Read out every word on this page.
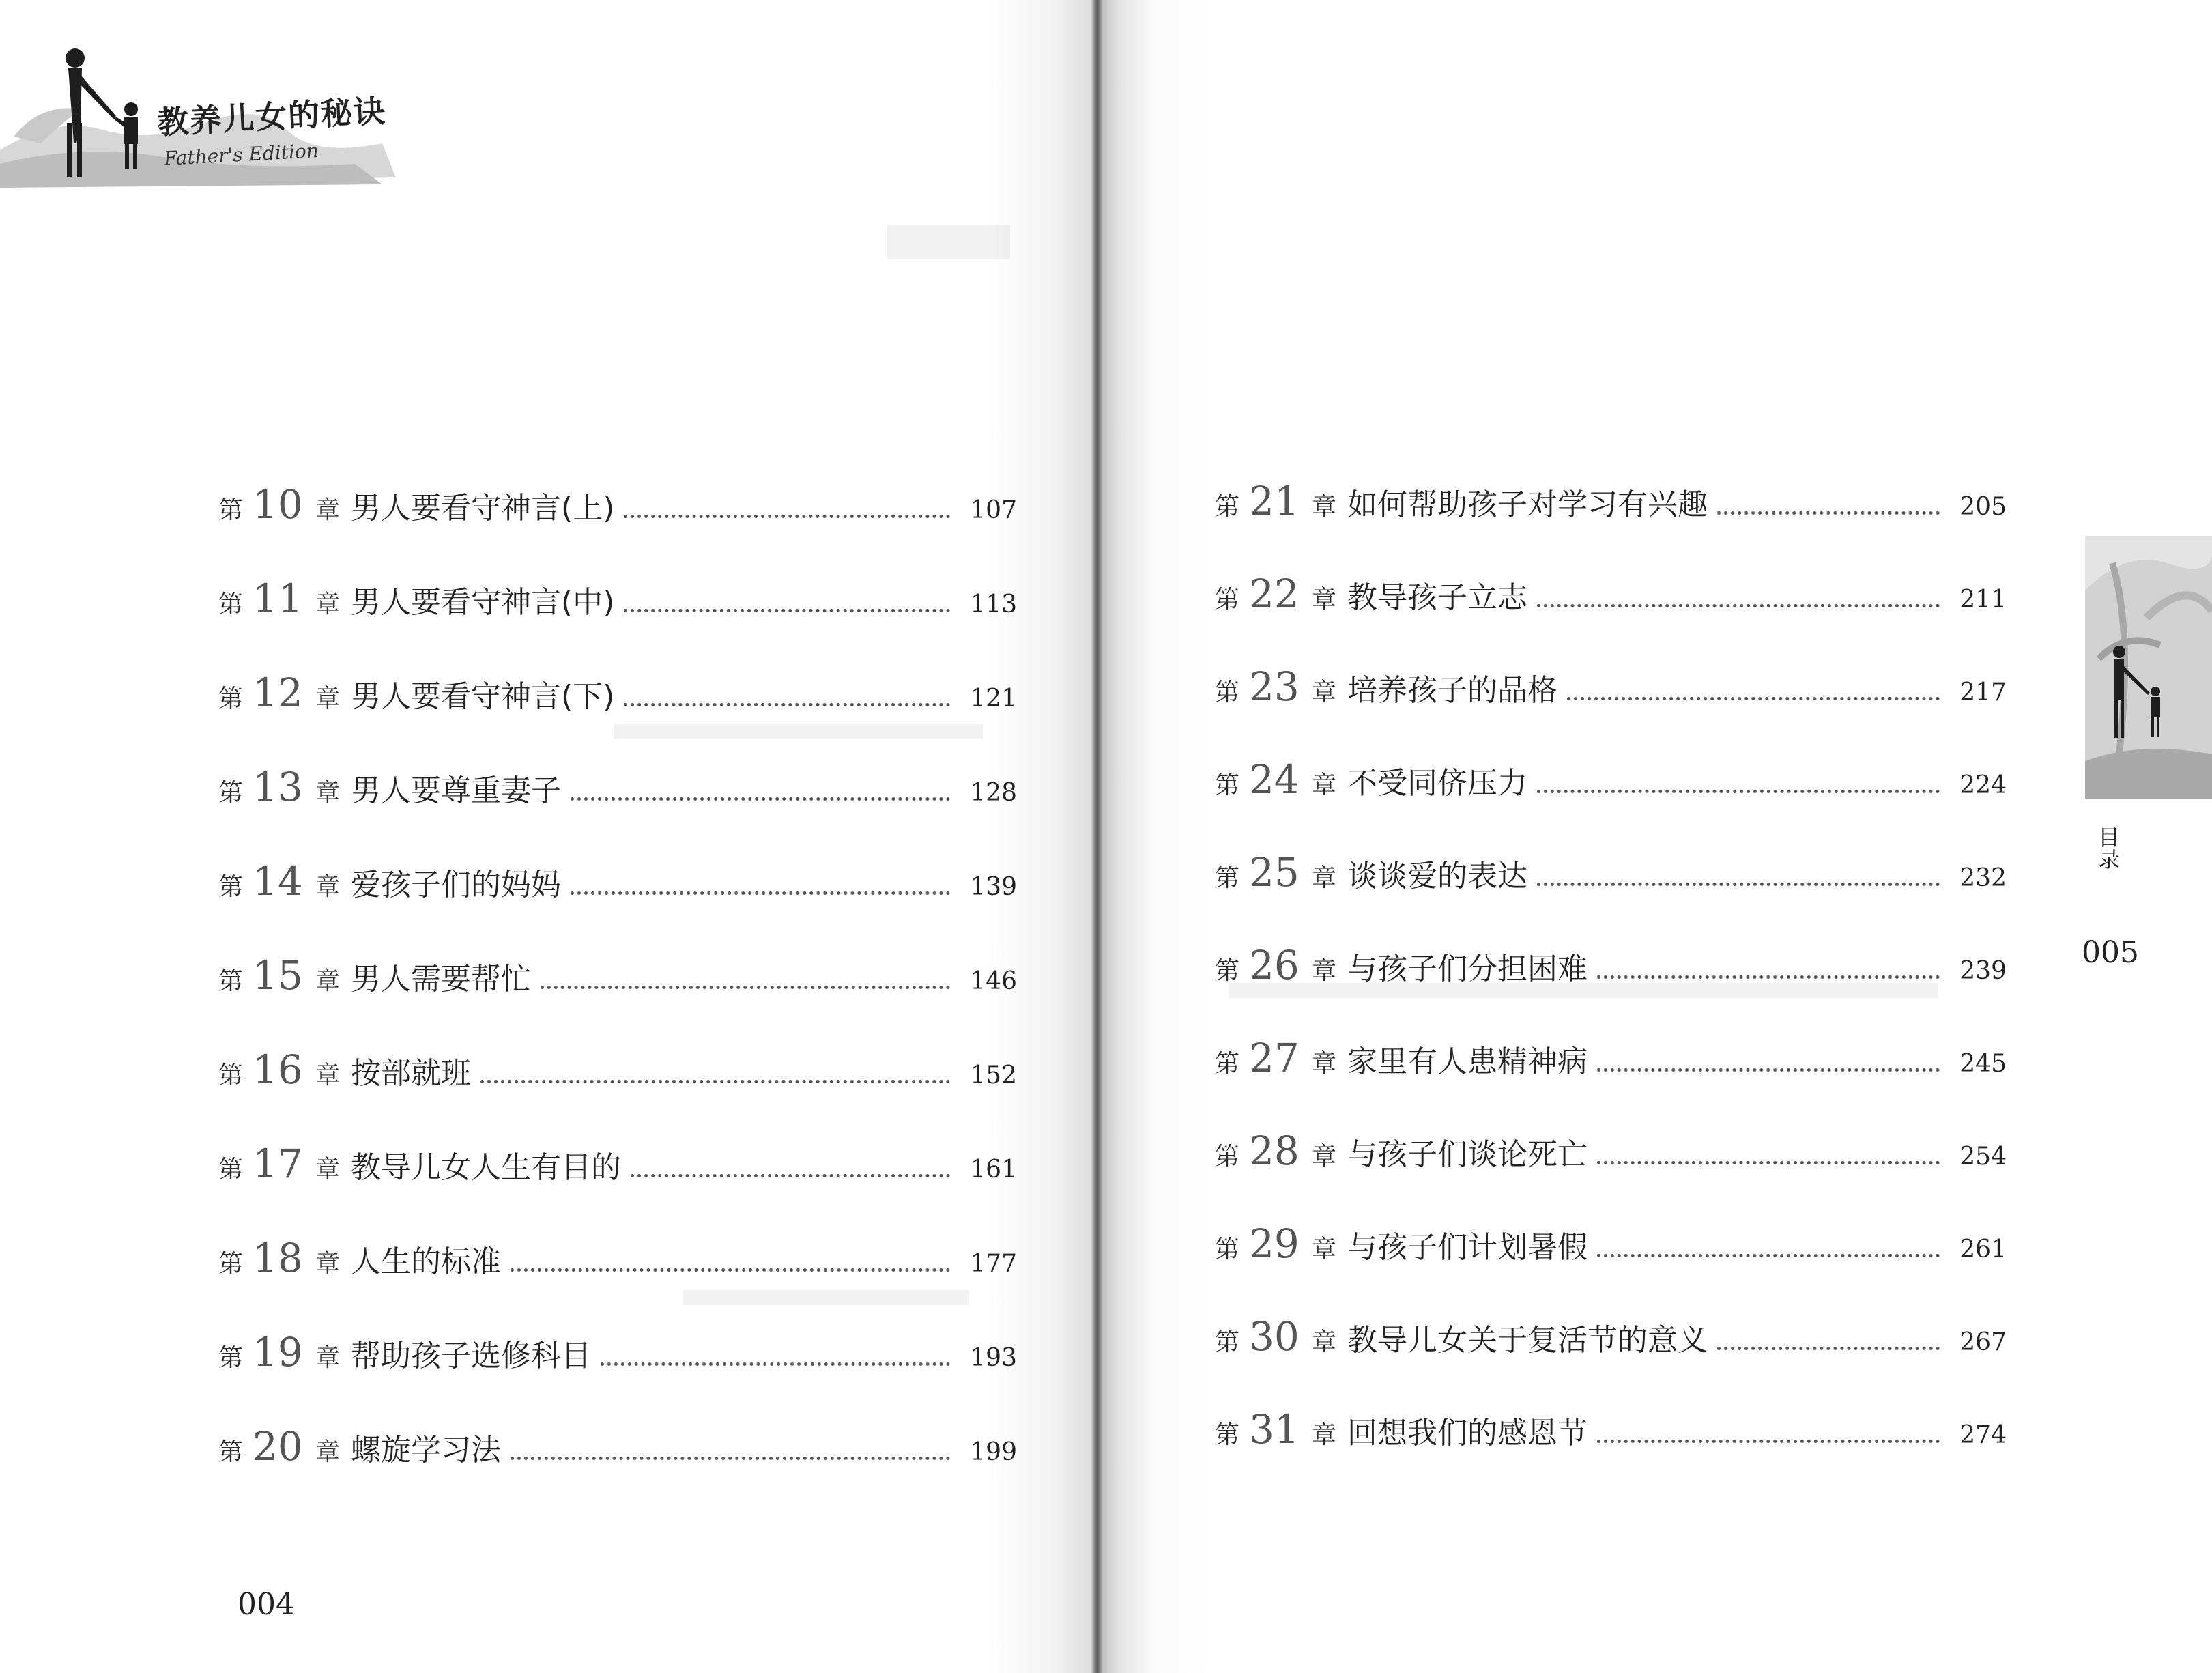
教养儿女的秘诀
Father's Edition
第 10 章 男人要看守神言(上)	107
第 11 章 男人要看守神言(中)	113
第 12 章 男人要看守神言(下)	121
第 13 章 男人要尊重妻子	128
第 14 章 爱孩子们的妈妈	139
第 15 章 男人需要帮忙	146
第 16 章 按部就班	152
第 17 章 教导儿女人生有目的	161
第 18 章 人生的标准	177
第 19 章 帮助孩子选修科目	193
第 20 章 螺旋学习法	199
第 21 章 如何帮助孩子对学习有兴趣	205
第 22 章 教导孩子立志	211
第 23 章 培养孩子的品格	217
第 24 章 不受同侪压力	224
第 25 章 谈谈爱的表达	232
第 26 章 与孩子们分担困难	239
第 27 章 家里有人患精神病	245
第 28 章 与孩子们谈论死亡	254
第 29 章 与孩子们计划暑假	261
第 30 章 教导儿女关于复活节的意义	267
第 31 章 回想我们的感恩节	274
目录
004
005
